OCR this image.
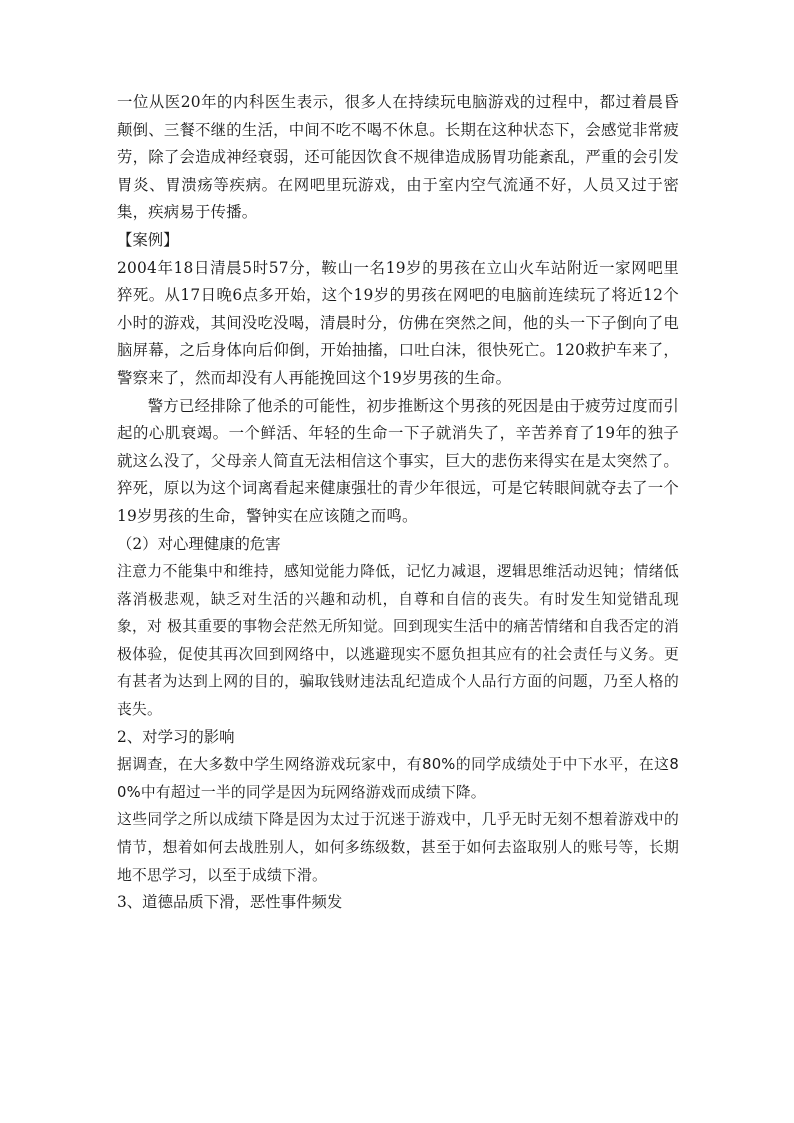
一位从医20年的内科医生表示，很多人在持续玩电脑游戏的过程中，都过着晨昏颠倒、三餐不继的生活，中间不吃不喝不休息。长期在这种状态下，会感觉非常疲劳，除了会造成神经衰弱，还可能因饮食不规律造成肠胃功能紊乱，严重的会引发胃炎、胃溃疡等疾病。在网吧里玩游戏，由于室内空气流通不好，人员又过于密集，疾病易于传播。

【案例】

2004年18日清晨5时57分，鞍山一名19岁的男孩在立山火车站附近一家网吧里猝死。从17日晚6点多开始，这个19岁的男孩在网吧的电脑前连续玩了将近12个小时的游戏，其间没吃没喝，清晨时分，仿佛在突然之间，他的头一下子倒向了电脑屏幕，之后身体向后仰倒，开始抽搐，口吐白沫，很快死亡。120救护车来了，警察来了，然而却没有人再能挽回这个19岁男孩的生命。

警方已经排除了他杀的可能性，初步推断这个男孩的死因是由于疲劳过度而引起的心肌衰竭。一个鲜活、年轻的生命一下子就消失了，辛苦养育了19年的独子就这么没了，父母亲人简直无法相信这个事实，巨大的悲伤来得实在是太突然了。猝死，原以为这个词离看起来健康强壮的青少年很远，可是它转眼间就夺去了一个19岁男孩的生命，警钟实在应该随之而鸣。

（2）对心理健康的危害

注意力不能集中和维持，感知觉能力降低，记忆力减退，逻辑思维活动迟钝；情绪低落消极悲观，缺乏对生活的兴趣和动机，自尊和自信的丧失。有时发生知觉错乱现象，对 极其重要的事物会茫然无所知觉。回到现实生活中的痛苦情绪和自我否定的消极体验，促使其再次回到网络中，以逃避现实不愿负担其应有的社会责任与义务。更有甚者为达到上网的目的，骗取钱财违法乱纪造成个人品行方面的问题，乃至人格的丧失。

2、对学习的影响

据调查，在大多数中学生网络游戏玩家中，有80%的同学成绩处于中下水平，在这80%中有超过一半的同学是因为玩网络游戏而成绩下降。

这些同学之所以成绩下降是因为太过于沉迷于游戏中，几乎无时无刻不想着游戏中的情节，想着如何去战胜别人，如何多练级数，甚至于如何去盗取别人的账号等，长期地不思学习，以至于成绩下滑。

3、道德品质下滑，恶性事件频发
